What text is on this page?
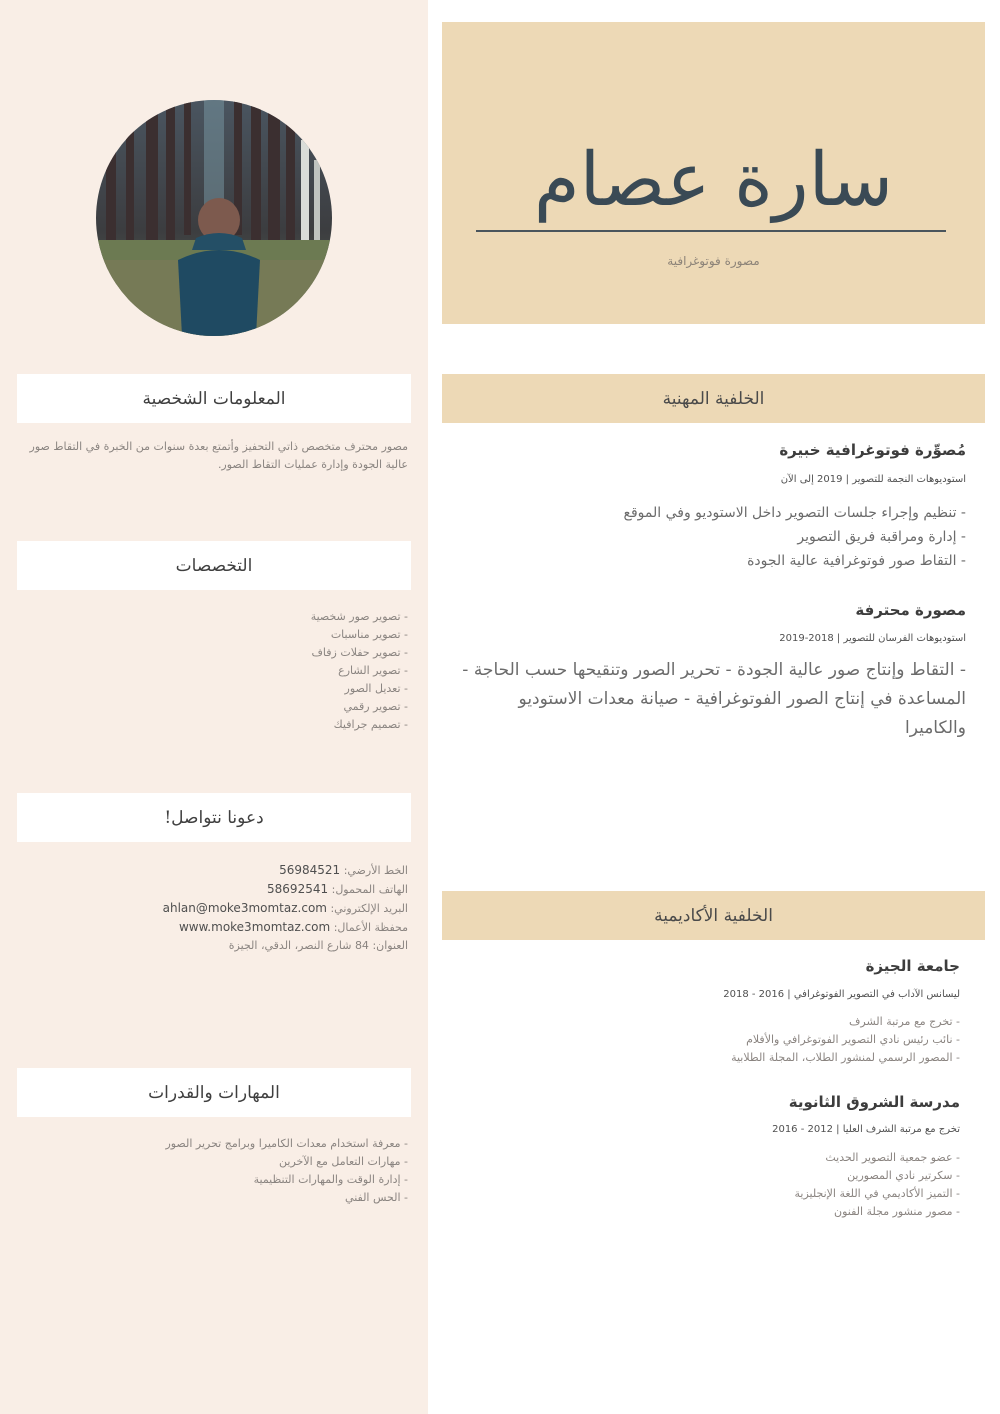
المعلومات الشخصية

مصور محترف متخصص ذاتي التحفيز وأتمتع بعدة سنوات من الخبرة في التقاط صور عالية الجودة وإدارة عمليات التقاط الصور.

التخصصات
- تصوير صور شخصية
- تصوير مناسبات
- تصوير حفلات زفاف
- تصوير الشارع
- تعديل الصور
- تصوير رقمي
- تصميم جرافيك
دعونا نتواصل!
الخط الأرضي: 56984521
الهاتف المحمول: 58692541
البريد الإلكتروني: ahlan@moke3momtaz.com
محفظة الأعمال: www.moke3momtaz.com
العنوان: 84 شارع النصر، الدقي، الجيزة
المهارات والقدرات
- معرفة استخدام معدات الكاميرا وبرامج تحرير الصور
- مهارات التعامل مع الآخرين
- إدارة الوقت والمهارات التنظيمية
- الحس الفني
سارة عصام
مصورة فوتوغرافية
الخلفية المهنية
مُصوِّرة فوتوغرافية خبيرة
استوديوهات النجمة للتصوير | 2019 إلى الآن
- تنظيم وإجراء جلسات التصوير داخل الاستوديو وفي الموقع
- إدارة ومراقبة فريق التصوير
- التقاط صور فوتوغرافية عالية الجودة
مصورة محترفة
استوديوهات الفرسان للتصوير | 2018-2019
- التقاط وإنتاج صور عالية الجودة - تحرير الصور وتنقيحها حسب الحاجة - المساعدة في إنتاج الصور الفوتوغرافية - صيانة معدات الاستوديو والكاميرا
الخلفية الأكاديمية
جامعة الجيزة
ليسانس الآداب في التصوير الفوتوغرافي | 2016 - 2018
- تخرج مع مرتبة الشرف
- نائب رئيس نادي التصوير الفوتوغرافي والأفلام
- المصور الرسمي لمنشور الطلاب، المجلة الطلابية
مدرسة الشروق الثانوية
تخرج مع مرتبة الشرف العليا | 2012 - 2016
- عضو جمعية التصوير الحديث
- سكرتير نادي المصورين
- التميز الأكاديمي في اللغة الإنجليزية
- مصور منشور مجلة الفنون
